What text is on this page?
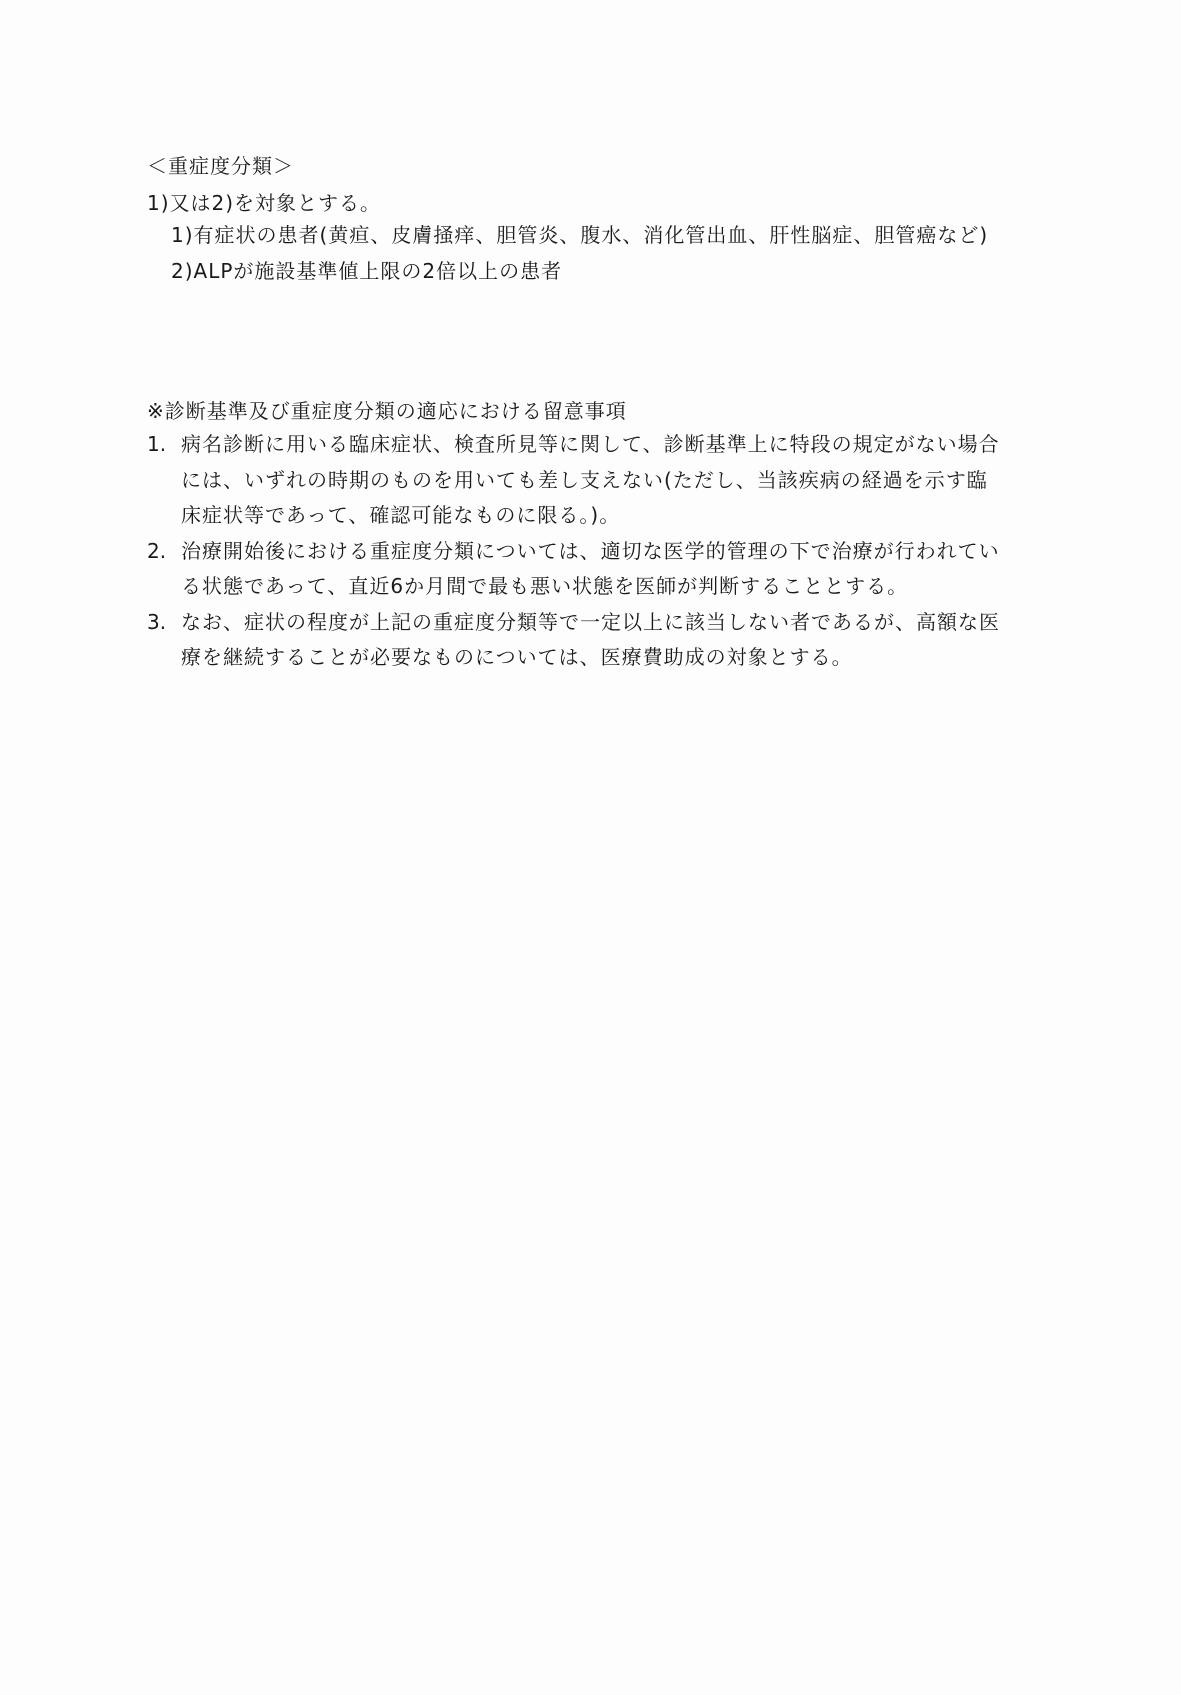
＜重症度分類＞
1)又は2)を対象とする。
1)有症状の患者(黄疸、皮膚掻痒、胆管炎、腹水、消化管出血、肝性脳症、胆管癌など)
2)ALPが施設基準値上限の2倍以上の患者
※診断基準及び重症度分類の適応における留意事項
1. 病名診断に用いる臨床症状、検査所見等に関して、診断基準上に特段の規定がない場合
には、いずれの時期のものを用いても差し支えない(ただし、当該疾病の経過を示す臨
床症状等であって、確認可能なものに限る。)。
2. 治療開始後における重症度分類については、適切な医学的管理の下で治療が行われてい
る状態であって、直近6か月間で最も悪い状態を医師が判断することとする。
3. なお、症状の程度が上記の重症度分類等で一定以上に該当しない者であるが、高額な医
療を継続することが必要なものについては、医療費助成の対象とする。
